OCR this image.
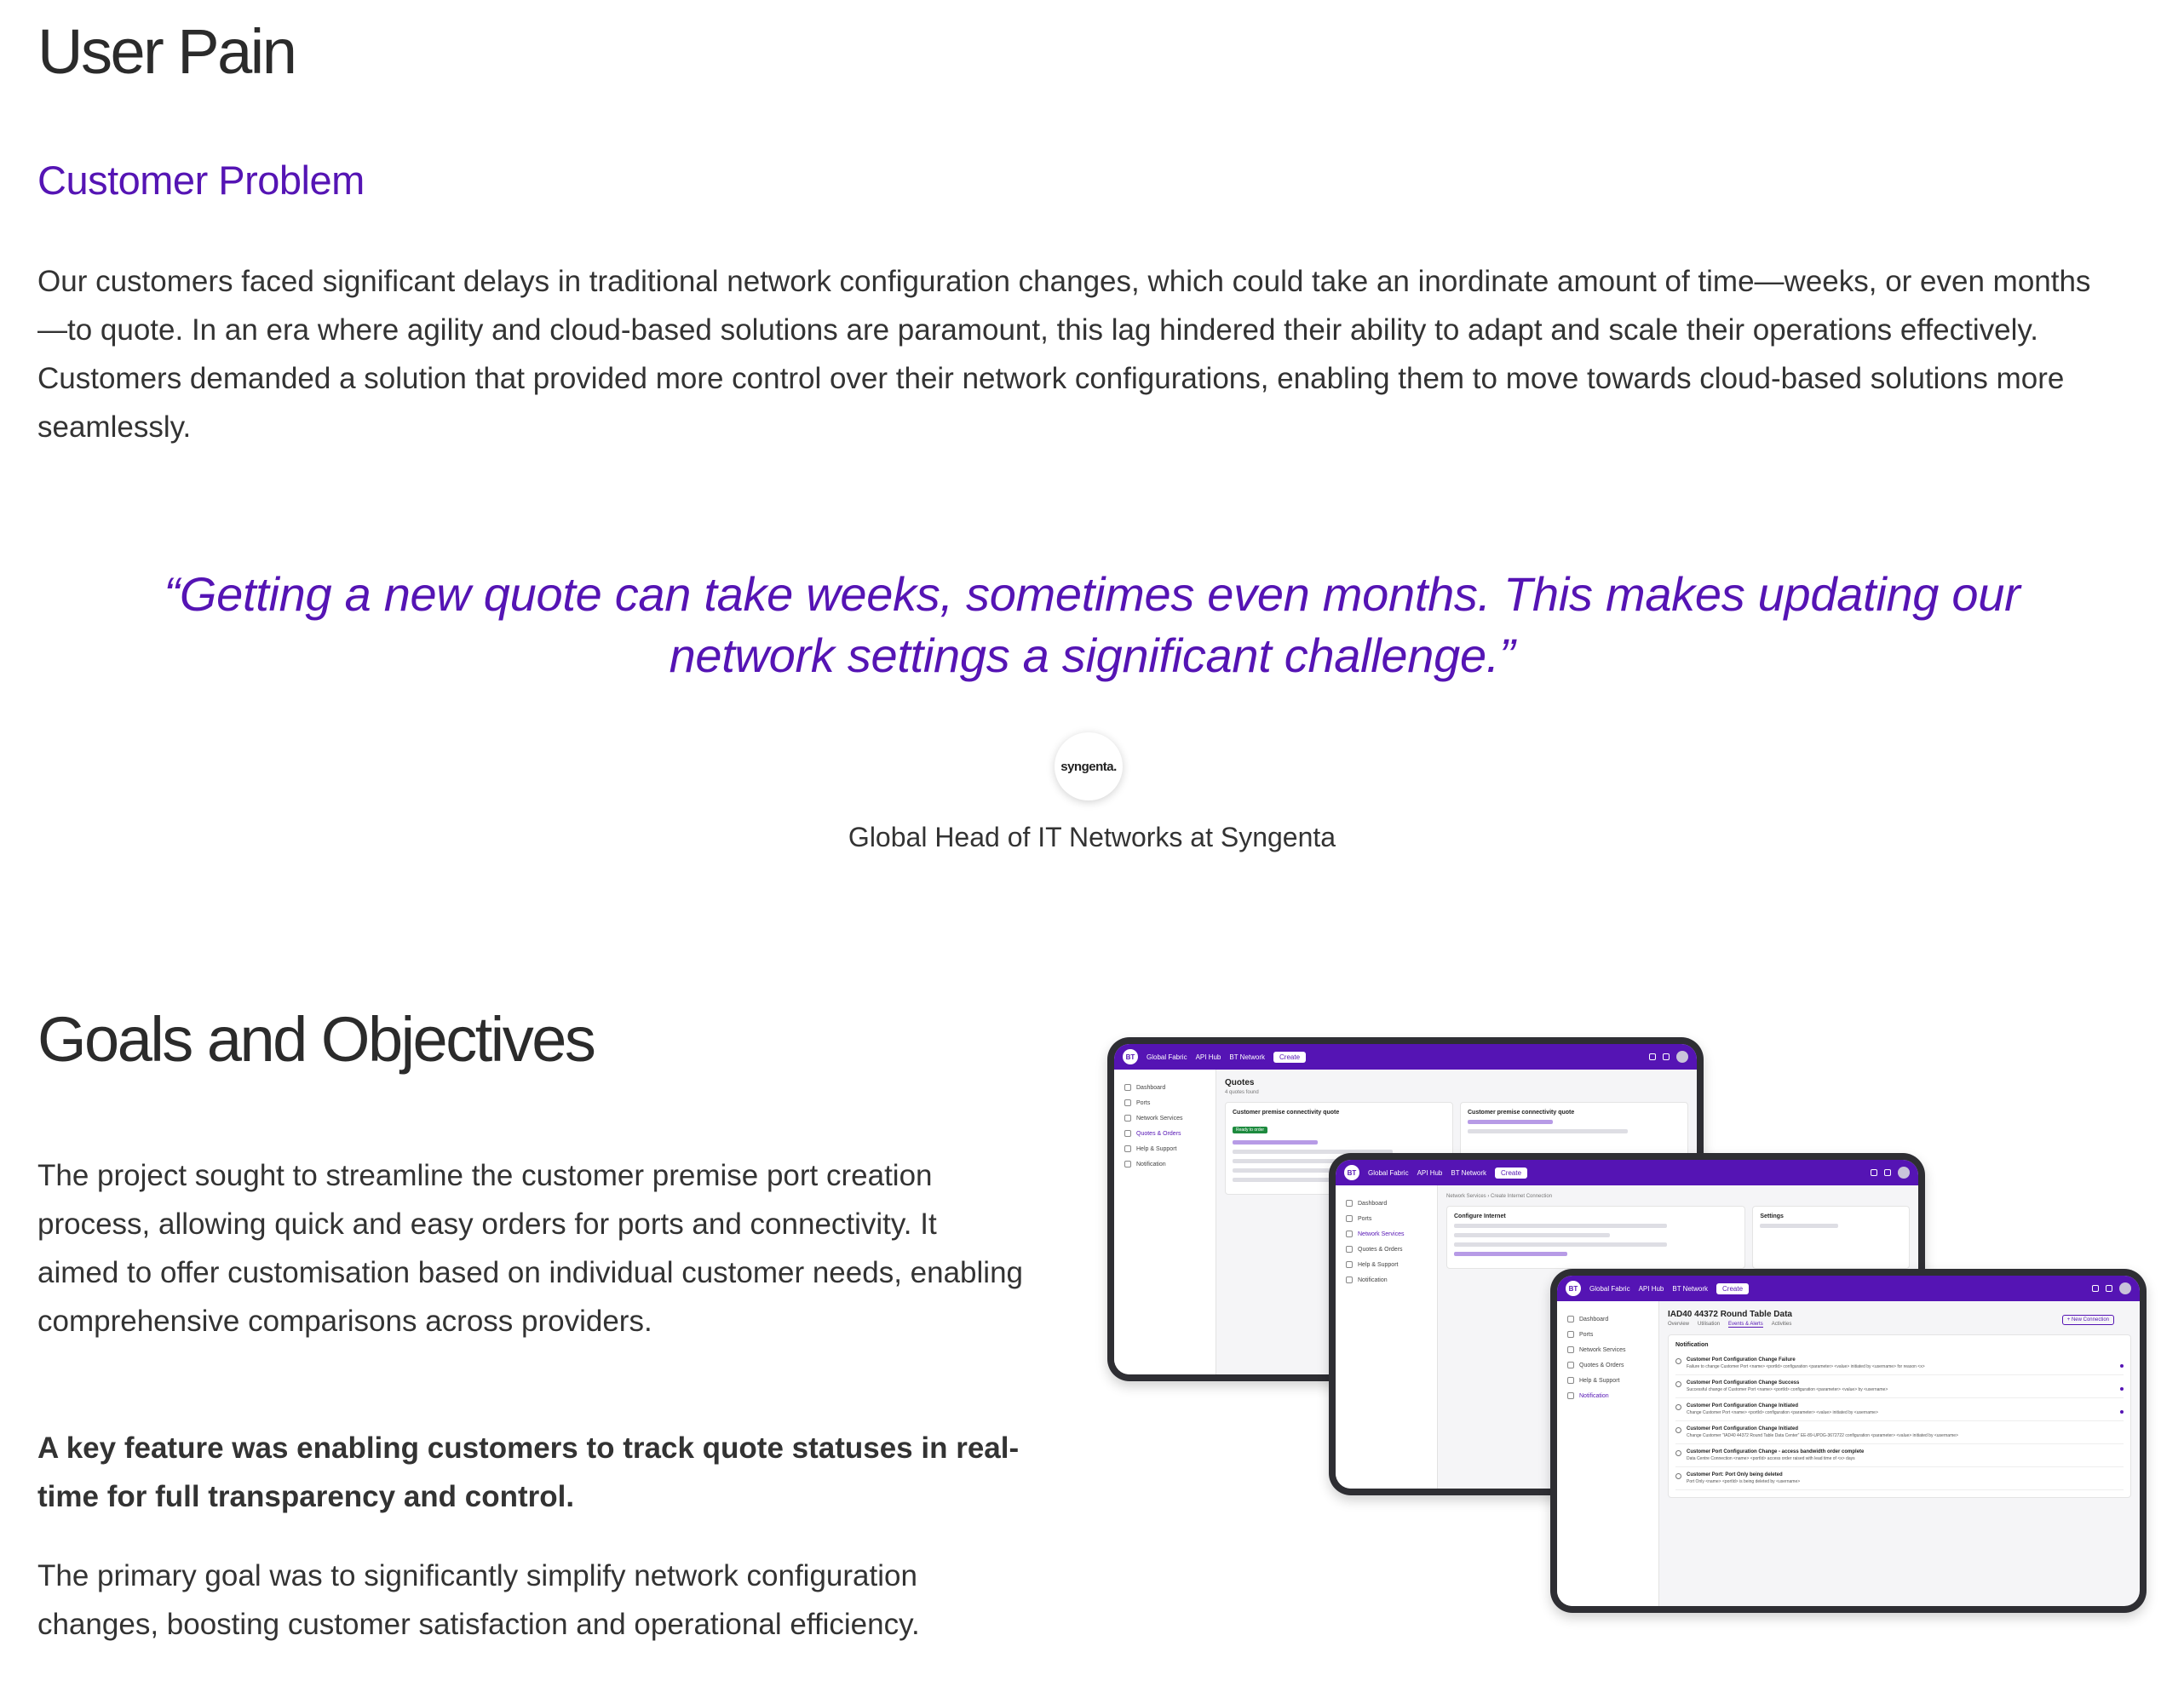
User Pain
Customer Problem

Our customers faced significant delays in traditional network configuration changes, which could take an inordinate amount of time—weeks, or even months—to quote. In an era where agility and cloud-based solutions are paramount, this lag hindered their ability to adapt and scale their operations effectively. Customers demanded a solution that provided more control over their network configurations, enabling them to move towards cloud-based solutions more seamlessly.

“Getting a new quote can take weeks, sometimes even months. This makes updating our network settings a significant challenge.”
syngenta.
Global Head of IT Networks at Syngenta
Goals and Objectives

The project sought to streamline the customer premise port creation process, allowing quick and easy orders for ports and connectivity. It aimed to offer customisation based on individual customer needs, enabling comprehensive comparisons across providers.

A key feature was enabling customers to track quote statuses in real-time for full transparency and control.

The primary goal was to significantly simplify network configuration changes, boosting customer satisfaction and operational efficiency.

BT	Global Fabric API Hub BT Network	Create
Dashboard
Ports
Network Services
Quotes & Orders
Help & Support
Notification
Quotes
4 quotes found
Customer premise connectivity quote
Ready to order
Customer premise connectivity quote
BT	Global Fabric API Hub BT Network	Create
Dashboard
Ports
Network Services
Quotes & Orders
Help & Support
Notification
Network Services › Create Internet Connection
Configure Internet	Settings
BT	Global Fabric API Hub BT Network	Create
Dashboard
Ports
Network Services
Quotes & Orders
Help & Support
Notification
IAD40 44372 Round Table Data
+ New Connection
Overview Utilisation Events & Alerts Activities
Notification
Customer Port Configuration Change Failure
Failure to change Customer Port <name> <portId> configuration <parameter> <value> initiated by <username> for reason <x>
Customer Port Configuration Change Success
Successful change of Customer Port <name> <portId> configuration <parameter> <value> by <username>
Customer Port Configuration Change Initiated
Change Customer Port <name> <portId> configuration <parameter> <value> initiated by <username>
Customer Port Configuration Change Initiated
Change Customer "IAD40 44372 Round Table Data Center" EE-89-UPDG-3672722 configuration <parameter> <value> initiated by <username>
Customer Port Configuration Change - access bandwidth order complete
Data Centre Connection <name> <portId> access order raised with lead time of <x> days
Customer Port: Port Only being deleted
Port Only <name> <portId> is being deleted by <username>
